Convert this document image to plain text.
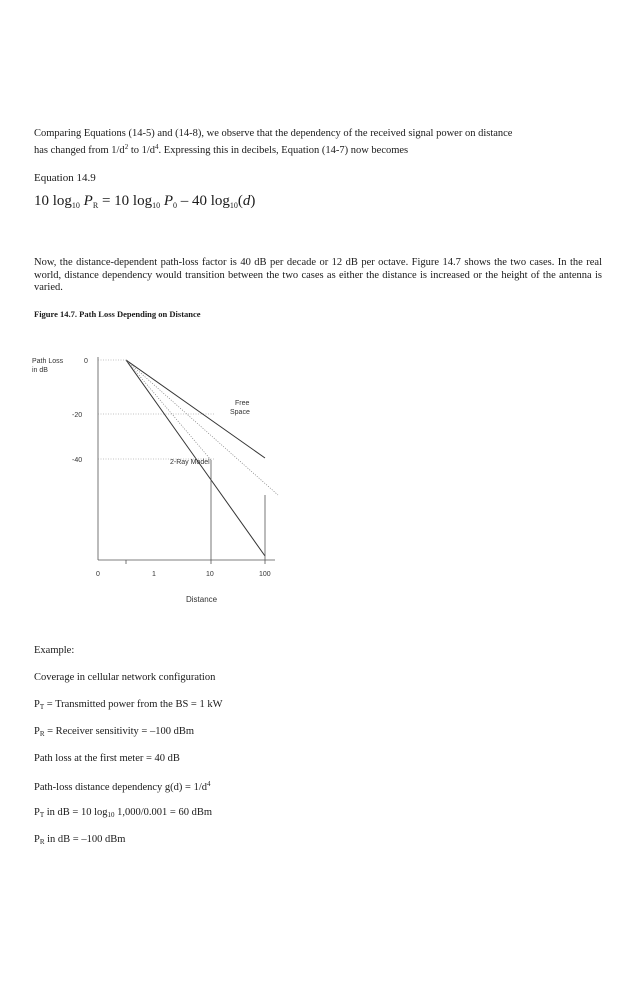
Comparing Equations (14-5) and (14-8), we observe that the dependency of the received signal power on distance
has changed from $1/d^2$ to $1/d^4$. Expressing this in decibels, Equation (14-7) now becomes

Equation 14.9

10 $\log_{10} P_R = 10$ $\log_{10} P_0 - 40$ $\log_{10}(d)$

Now, the distance-dependent path-loss factor is 40 dB per decade or 12 dB per octave. Figure 14.7 shows the two cases. In the real world, distance dependency would transition between the two cases as either the distance is increased or the height of the antenna is varied.

Figure 14.7. Path Loss Depending on Distance

Path Loss
in dB
0
-20
-40
0	1	10	100
Distance
Free
Space
2-Ray Model

Example:

Coverage in cellular network configuration

$P_T$ = Transmitted power from the BS = 1 kW

$P_R$ = Receiver sensitivity = –100 dBm

Path loss at the first meter = 40 dB

Path-loss distance dependency $g(d) = 1/d^4$

$P_T$ in dB = 10 $\log_{10} 1,000/0.001 = 60$ dBm

$P_R$ in dB = –100 dBm
